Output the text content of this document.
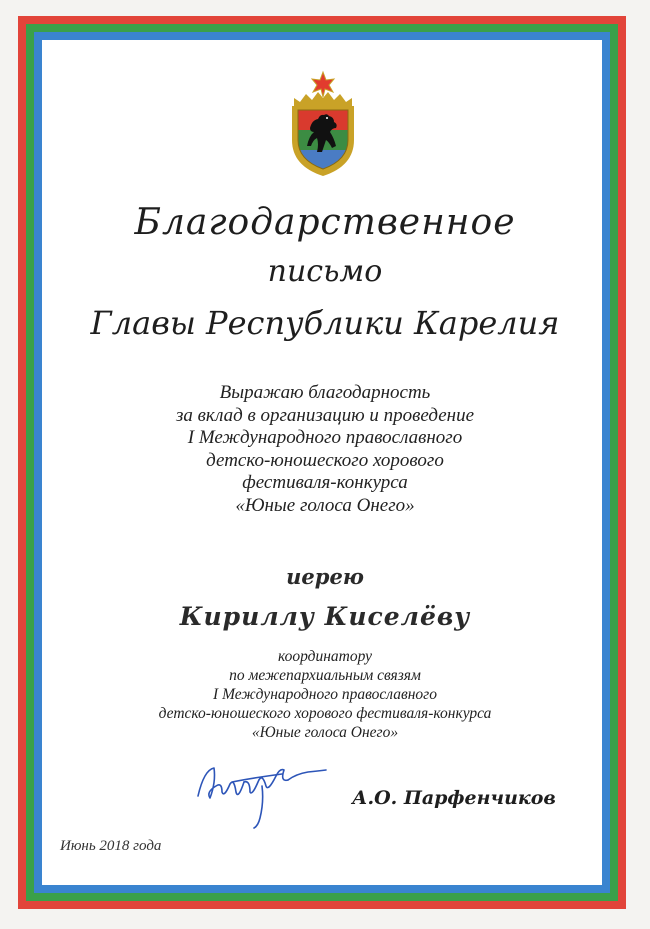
Благодарственное
письмо
Главы Республики Карелия
Выражаю благодарность
за вклад в организацию и проведение
I Международного православного
детско-юношеского хорового
фестиваля-конкурса
«Юные голоса Онего»
иерею
Кириллу Киселёву
координатору
по межепархиальным связям
I Международного православного
детско-юношеского хорового фестиваля-конкурса
«Юные голоса Онего»
А.О. Парфенчиков
Июнь 2018 года
